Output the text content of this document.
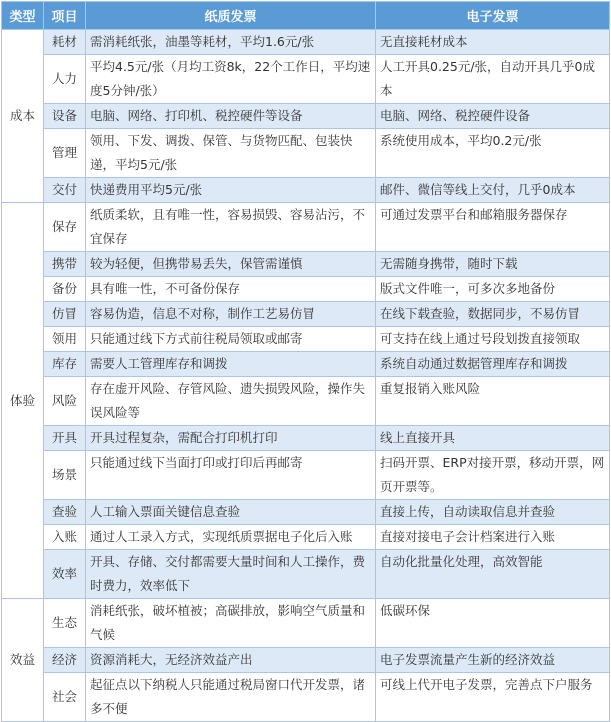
类型	项目	纸质发票	电子发票
成本	耗材	需消耗纸张，油墨等耗材，平均1.6元/张	无直接耗材成本
	人力	平均4.5元/张（月均工资8k，22个工作日，平均速度5分钟/张）	人工开具0.25元/张，自动开具几乎0成本
	设备	电脑、网络、打印机、税控硬件等设备	电脑、网络、税控硬件设备
	管理	领用、下发、调拨、保管、与货物匹配、包装快递，平均5元/张	系统使用成本，平均0.2元/张
	交付	快递费用平均5元/张	邮件、微信等线上交付，几乎0成本
体验	保存	纸质柔软，且有唯一性，容易损毁、容易沾污，不宜保存	可通过发票平台和邮箱服务器保存
	携带	较为轻便，但携带易丢失，保管需谨慎	无需随身携带，随时下载
	备份	具有唯一性，不可备份保存	版式文件唯一，可多次多地备份
	仿冒	容易伪造，信息不对称，制作工艺易仿冒	在线下载查验，数据同步，不易仿冒
	领用	只能通过线下方式前往税局领取或邮寄	可支持在线上通过号段划拨直接领取
	库存	需要人工管理库存和调拨	系统自动通过数据管理库存和调拨
	风险	存在虚开风险、存管风险、遗失损毁风险，操作失误风险等	重复报销入账风险
	开具	开具过程复杂，需配合打印机打印	线上直接开具
	场景	只能通过线下当面打印或打印后再邮寄	扫码开票、ERP对接开票，移动开票，网页开票等。
	查验	人工输入票面关键信息查验	直接上传，自动读取信息并查验
	入账	通过人工录入方式，实现纸质票据电子化后入账	直接对接电子会计档案进行入账
	效率	开具、存储、交付都需要大量时间和人工操作，费时费力，效率低下	自动化批量化处理，高效智能
效益	生态	消耗纸张，破坏植被；高碳排放，影响空气质量和气候	低碳环保
	经济	资源消耗大，无经济效益产出	电子发票流量产生新的经济效益
	社会	起征点以下纳税人只能通过税局窗口代开发票，诸多不便	可线上代开电子发票，完善点下户服务
